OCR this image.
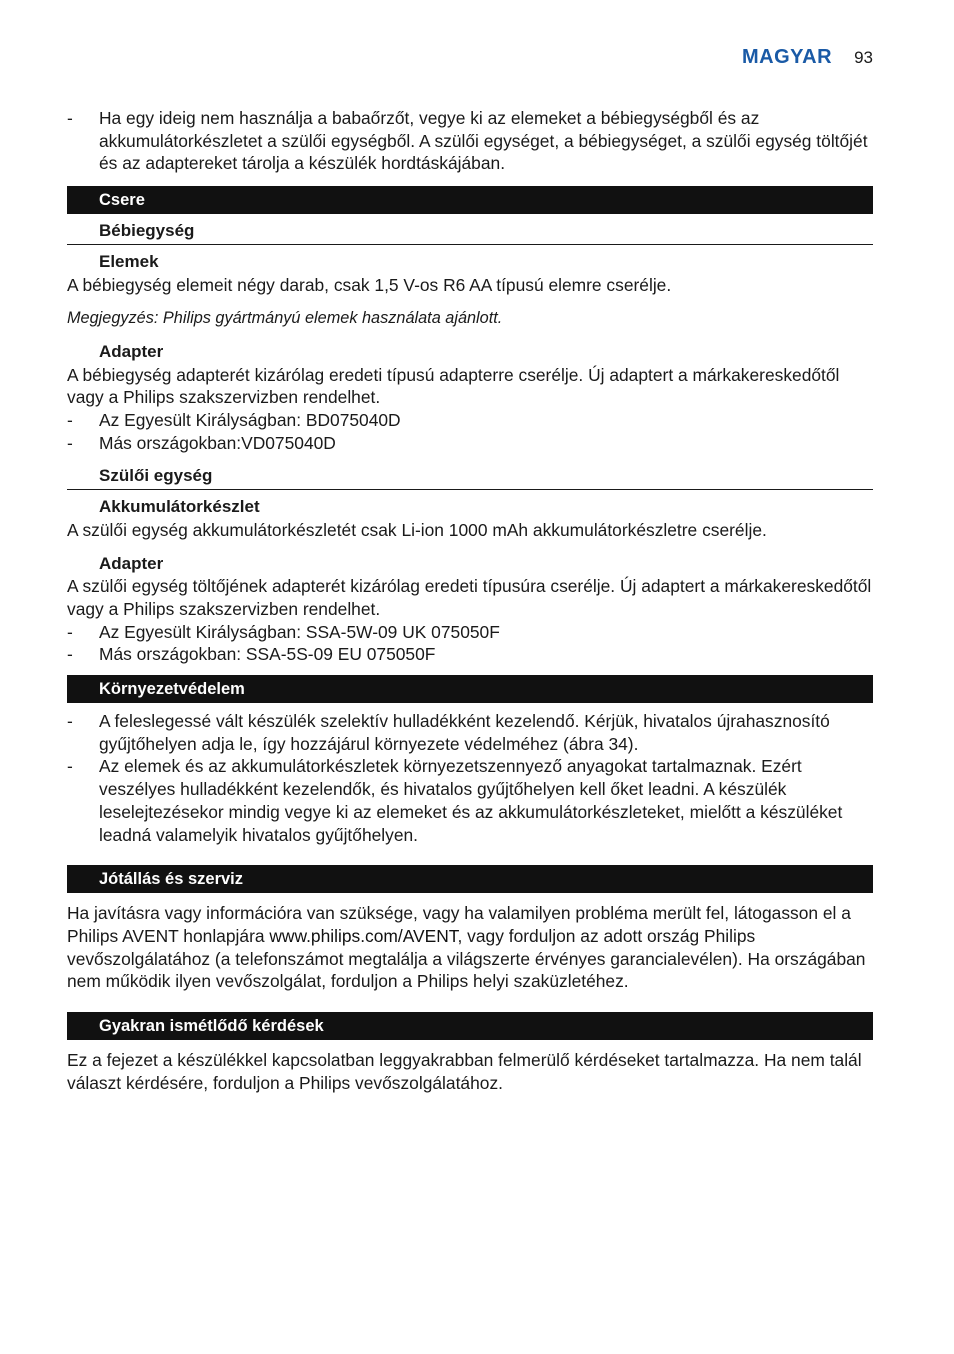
MAGYAR 93
- Ha egy ideig nem használja a babaőrzőt, vegye ki az elemeket a bébiegységből és az akkumulátorkészletet a szülői egységből. A szülői egységet, a bébiegységet, a szülői egység töltőjét és az adaptereket tárolja a készülék hordtáskájában.
Csere
Bébiegység
Elemek

A bébiegység elemeit négy darab, csak 1,5 V-os R6 AA típusú elemre cserélje.

Megjegyzés: Philips gyártmányú elemek használata ajánlott.

Adapter

A bébiegység adapterét kizárólag eredeti típusú adapterre cserélje. Új adaptert a márkakereskedőtől vagy a Philips szakszervizben rendelhet.

- Az Egyesült Királyságban: BD075040D
- Más országokban:VD075040D
Szülői egység
Akkumulátorkészlet

A szülői egység akkumulátorkészletét csak Li-ion 1000 mAh akkumulátorkészletre cserélje.

Adapter

A szülői egység töltőjének adapterét kizárólag eredeti típusúra cserélje. Új adaptert a márkakereskedőtől vagy a Philips szakszervizben rendelhet.

- Az Egyesült Királyságban: SSA-5W-09 UK 075050F
- Más országokban: SSA-5S-09 EU 075050F
Környezetvédelem
- A feleslegessé vált készülék szelektív hulladékként kezelendő. Kérjük, hivatalos újrahasznosító gyűjtőhelyen adja le, így hozzájárul környezete védelméhez (ábra 34).
- Az elemek és az akkumulátorkészletek környezetszennyező anyagokat tartalmaznak. Ezért veszélyes hulladékként kezelendők, és hivatalos gyűjtőhelyen kell őket leadni. A készülék leselejtezésekor mindig vegye ki az elemeket és az akkumulátorkészleteket, mielőtt a készüléket leadná valamelyik hivatalos gyűjtőhelyen.
Jótállás és szerviz

Ha javításra vagy információra van szüksége, vagy ha valamilyen probléma merült fel, látogasson el a Philips AVENT honlapjára www.philips.com/AVENT, vagy forduljon az adott ország Philips vevőszolgálatához (a telefonszámot megtalálja a világszerte érvényes garancialevélen). Ha országában nem működik ilyen vevőszolgálat, forduljon a Philips helyi szaküzletéhez.

Gyakran ismétlődő kérdések

Ez a fejezet a készülékkel kapcsolatban leggyakrabban felmerülő kérdéseket tartalmazza. Ha nem talál választ kérdésére, forduljon a Philips vevőszolgálatához.
